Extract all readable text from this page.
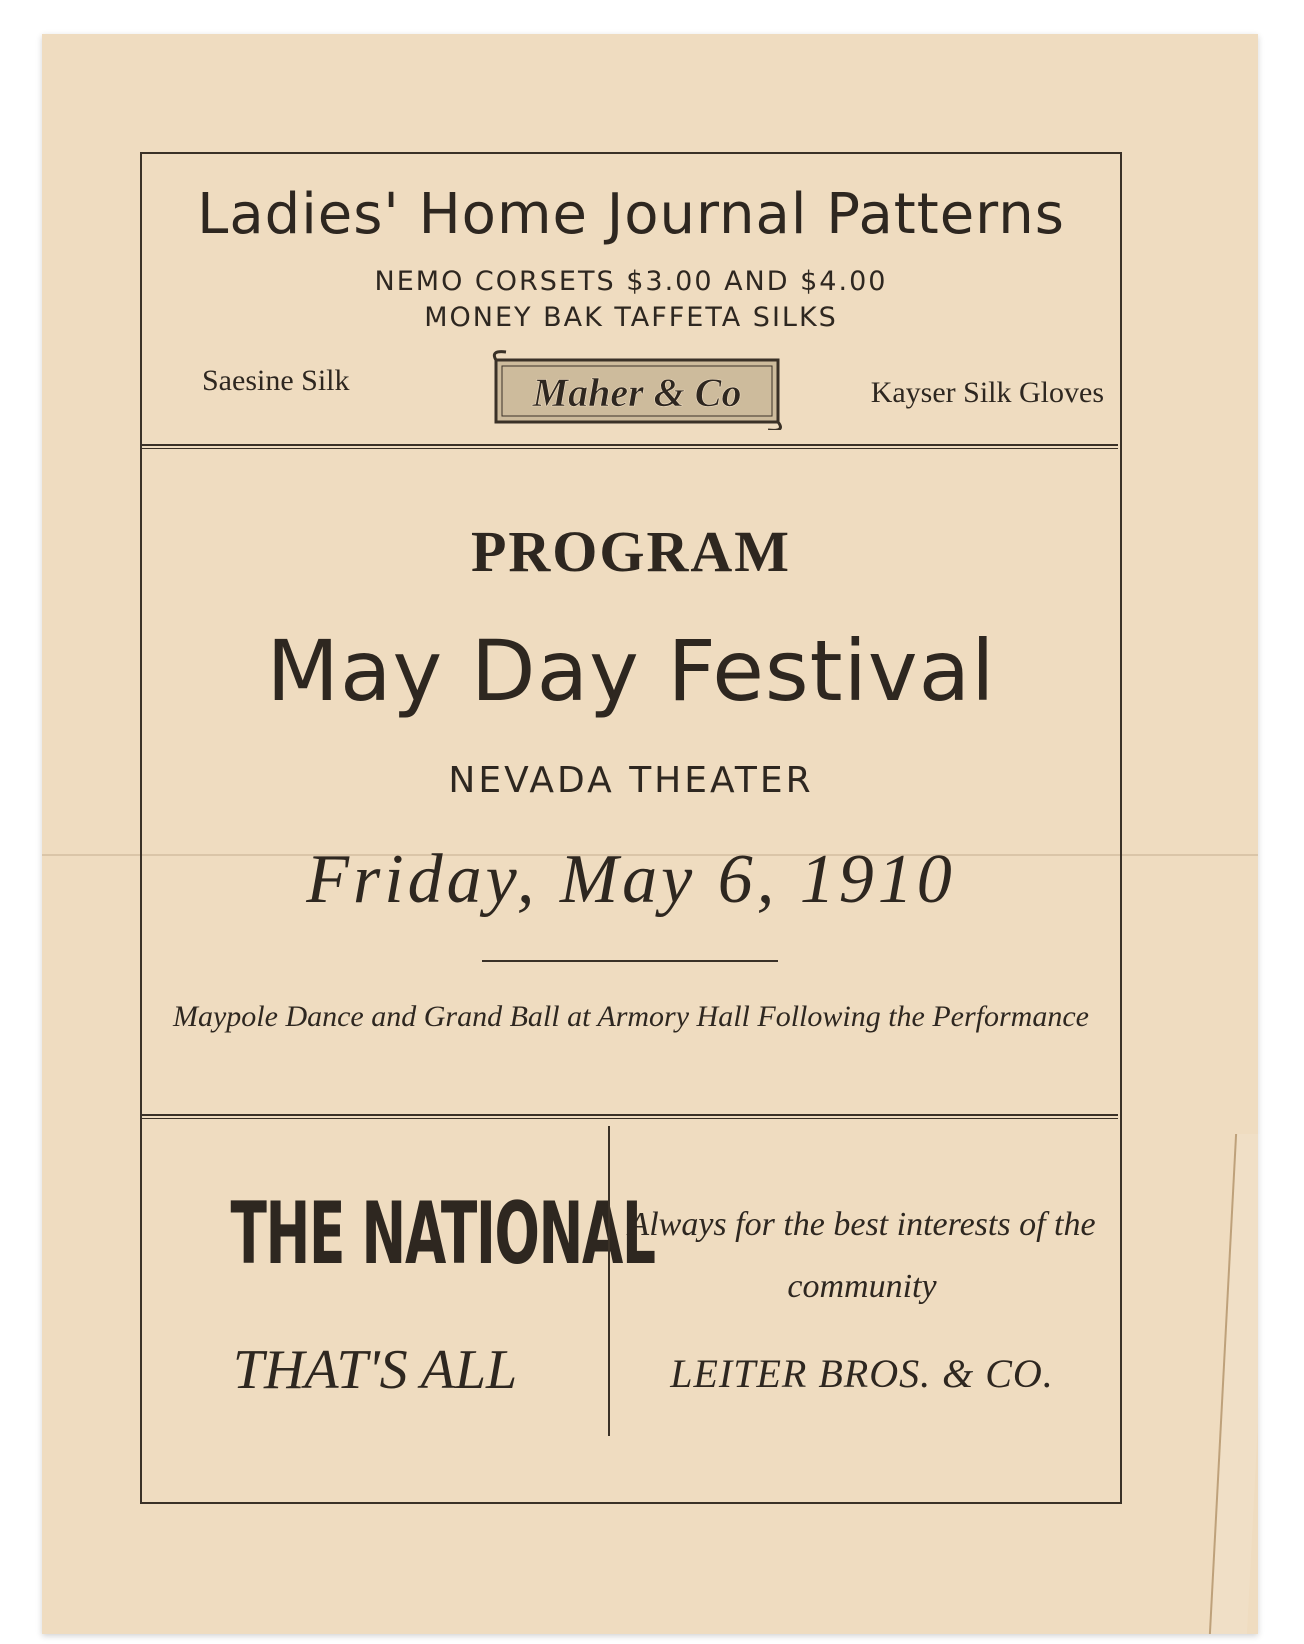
Ladies' Home Journal Patterns
NEMO CORSETS $3.00 AND $4.00
MONEY BAK TAFFETA SILKS
Saesine Silk	Maher & Co	Kayser Silk Gloves
PROGRAM
May Day Festival
NEVADA THEATER
Friday, May 6, 1910
Maypole Dance and Grand Ball at Armory Hall Following the Performance
THE NATIONAL
THAT'S ALL
Always for the best interests of the community
LEITER BROS. & CO.
